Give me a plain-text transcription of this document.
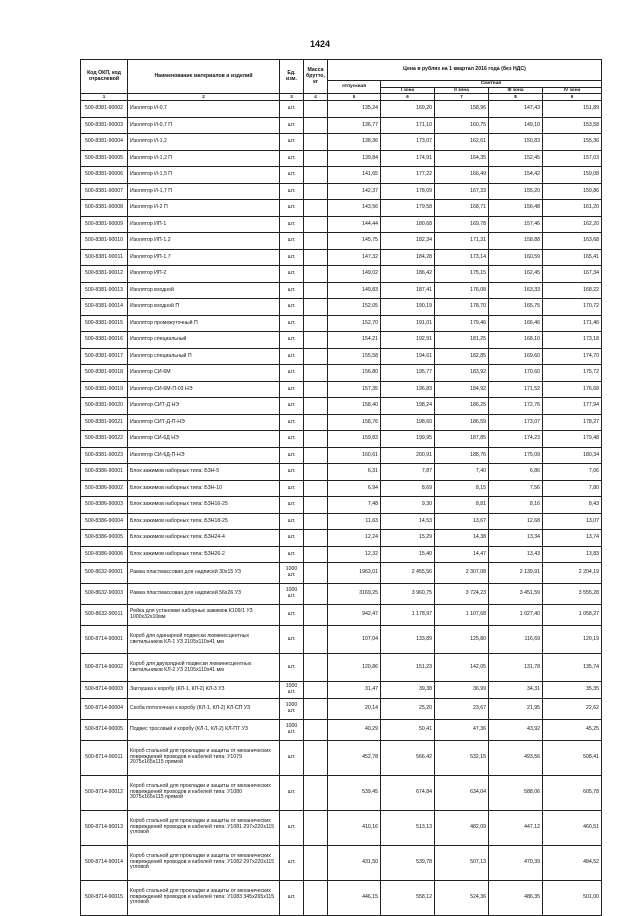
1424
Код ОКП, код отраслевой	Наименование материалов и изделий	Ед. изм.	Масса брутто, кг	Цена в рублях на 1 квартал 2016 года (без НДС)				
				отпускная	Сметная			
					I зона	II зона	III зона	IV зона
1	2	3	4	5	6	7	8	9
500-8381-90002	Изолятор И-0,7	шт.		135,24	169,20	158,96	147,43	151,89
500-8381-90003	Изолятор И-0,7 П	шт.		136,77	171,10	160,75	149,10	153,58
500-8381-90004	Изолятор И-1,2	шт.		138,36	173,07	162,61	150,83	155,36
500-8381-90005	Изолятор И-1,2 П	шт.		139,84	174,91	164,35	152,45	157,03
500-8381-90006	Изолятор И-1,5 П	шт.		141,65	177,22	166,49	154,42	159,08
500-8381-90007	Изолятор И-1,7 П	шт.		142,37	178,09	167,33	155,20	159,86
500-8381-90008	Изолятор И-2 П	шт.		143,56	179,58	168,71	156,48	161,20
500-8381-90009	Изолятор ИП-1	шт.		144,44	180,68	169,78	157,46	162,20
500-8381-90010	Изолятор ИП-1.2	шт.		145,75	182,34	171,31	158,88	163,68
500-8381-90011	Изолятор ИП-1.7	шт.		147,32	184,28	173,14	160,59	165,41
500-8381-90012	Изолятор ИП-2	шт.		149,02	186,42	175,15	162,45	167,34
500-8381-90013	Изолятор входной	шт.		149,83	187,41	176,08	163,33	168,22
500-8381-90014	Изолятор входной П	шт.		152,05	190,19	178,70	165,75	170,72
500-8381-90015	Изолятор промежуточный П	шт.		152,70	191,01	179,46	166,46	171,46
500-8381-90016	Изолятор специальный	шт.		154,21	192,91	181,25	168,10	173,18
500-8381-90017	Изолятор специальный П	шт.		155,58	194,61	182,85	169,60	174,70
500-8381-90018	Изолятор СИ-6М	шт.		156,80	195,77	183,92	170,60	175,72
500-8381-90019	Изолятор СИ-6М-П-03 НЭ	шт.		157,35	196,83	184,92	171,52	176,68
500-8381-90020	Изолятор СИТ-Д НЭ	шт.		158,40	198,24	186,25	172,76	177,94
500-8381-90021	Изолятор СИТ-Д-П-НЭ	шт.		158,76	198,60	186,59	173,07	178,27
500-8381-90022	Изолятор СИ-6Д НЭ	шт.		159,83	199,95	187,85	174,23	179,48
500-8381-90023	Изолятор СИ-6Д-П-НЭ	шт.		160,61	200,91	188,76	175,09	180,34
500-8386-90001	Блок зажимов наборных типа: БЗН-5	шт.		6,31	7,87	7,40	6,86	7,06
500-8386-90002	Блок зажимов наборных типа: БЗН-10	шт.		6,94	8,69	8,15	7,56	7,80
500-8386-90003	Блок зажимов наборных типа: БЗН16-25	шт.		7,48	9,30	8,81	8,16	8,43
500-8386-90004	Блок зажимов наборных типа: БЗН18-25	шт.		11,63	14,53	13,67	12,68	13,07
500-8386-90005	Блок зажимов наборных типа: БЗН24-4	шт.		12,24	15,29	14,38	13,34	13,74
500-8386-90006	Блок зажимов наборных типа: БЗН26-2	шт.		12,32	15,40	14,47	13,43	13,83
500-8632-90001	Рамка пластмассовая для надписей 30х15 УЗ	1000 шт.		1963,01	2 455,56	2 307,08	2 139,91	2 204,19
500-8632-90003	Рамка пластмассовая для надписей 56х26 УЗ	1000 шт.		3169,25	3 960,75	3 724,23	3 451,59	3 555,28
500-8632-90011	Рейка для установки наборных зажимов К109/1 УЗ 1000х32х10мм	шт.		942,47	1 178,97	1 107,68	1 027,40	1 058,27
500-8714-90001	Короб для одинарной подвески люминесцентных светильников КЛ-1 УЗ 2105х110х41 мм	шт.		107,04	133,89	125,80	116,69	120,19
500-8714-90002	Короб для двухрядной подвески люминесцентных светильников КЛ-2 УЗ 2105х110х41 мм	шт.		120,86	151,23	142,05	131,78	135,74
500-8714-90003	Заглушка к коробу (КЛ-1, КЛ-2) КЛ-3 УЗ	1000 шт.		31,47	39,38	36,99	34,31	35,35
500-8714-90004	Скоба потолочная к коробу (КЛ-1, КЛ-2) КЛ-СП УЗ	1000 шт.		20,14	25,20	23,67	21,95	22,62
500-8714-90005	Подвес тросовый к коробу (КЛ-1, КЛ-2) КЛ-ПТ УЗ	1000 шт.		40,29	50,41	47,36	43,92	45,25
500-8714-90011	Короб стальной для прокладки и защиты от механических повреждений проводов и кабелей типа: У1079 2075х165х115 прямой	шт.		452,78	566,42	532,15	493,56	508,41
500-8714-90012	Короб стальной для прокладки и защиты от механических повреждений проводов и кабелей типа: У1080 3075х165х115 прямой	шт.		539,45	674,84	634,04	588,06	605,78
500-8714-90013	Короб стальной для прокладки и защиты от механических повреждений проводов и кабелей типа: У1081 297х220х115 угловой	шт.		410,16	513,13	482,09	447,12	460,51
500-8714-90014	Короб стальной для прокладки и защиты от механических повреждений проводов и кабелей типа: У1082 297х220х115 угловой	шт.		431,50	539,78	507,13	470,39	484,52
500-8714-90015	Короб стальной для прокладки и защиты от механических повреждений проводов и кабелей типа: У1083 345х265х115 угловой	шт.		446,15	558,12	524,36	486,35	501,00
